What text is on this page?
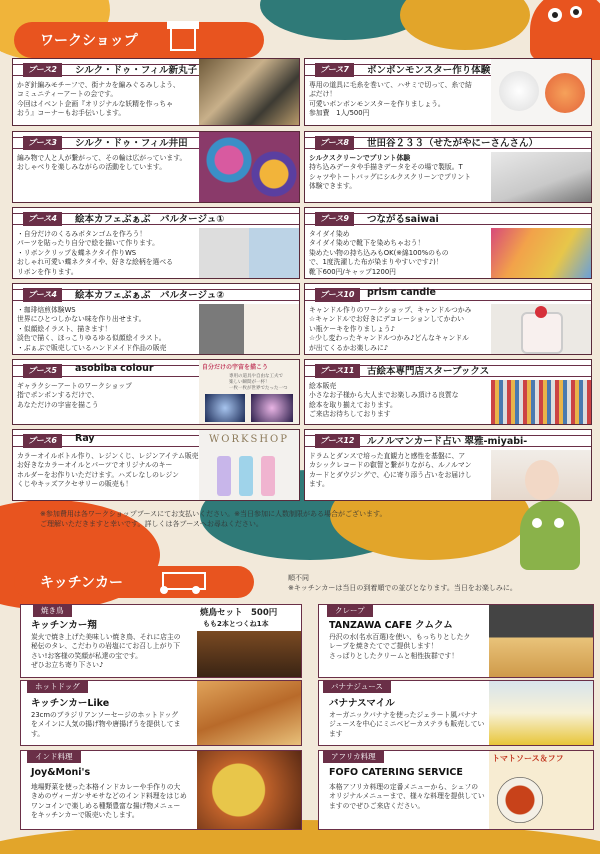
ワークショップ
ブース2	シルク・ドゥ・フィル新丸子
かぎ針編みモチーフで、街ナカを編みぐるみしよう、
コミュニティーアートの会です。
今回はイベント企画『オリジナルな妖精を作っちゃ
おう』コーナーもお手伝いします。
ブース3	シルク・ドゥ・フィル井田
編み物で人と人が繋がって、その輪は広がっています。
おしゃべりを楽しみながらの活動をしています。
ブース4	絵本カフェぶぁぶ　パルタージュ①
・自分だけのくるみボタンゴムを作ろう！
パーツを貼ったり自分で絵を描いて作ります。
・リボンクリップ＆蝶ネクタイ作りWS
おしゃれ可愛い蝶ネクタイや、好きな絵柄を選べる
リボンを作ります。
ブース4	絵本カフェぶぁぶ　パルタージュ②
・珈琲焙煎体験WS
世界にひとつしかない味を作り出せます。
・似顔絵イラスト、描きます！
淡色で描く、ほっこりゆるゆる似顔絵イラスト。
・ぶぁぶで販売しているハンドメイド作品の販売
ブース5	asobiba colour
ギャラクシーアートのワークショップ
指でポンポンするだけで、
あなただけの宇宙を描こう
自分だけの宇宙を描こう
専用の道具や自由な工夫で
楽しい瞬間が一杯！
一枚一枚が世界でたった一つ
ブース6	Ray
カラーオイルボトル作り、レジンくじ、レジンアイテム販売
お好きなカラーオイルとパーツでオリジナルのキー
ホルダーをお作りいただけます。ハズレなしのレジン
くじやキッズアクセサリーの販売も！
WORKSHOP
ブース7	ボンボンモンスター作り体験
専用の道具に毛糸を巻いて、ハサミで切って、糸で結
ぶだけ！
可愛いボンボンモンスターを作りましょう。
参加費　1人/500円
ブース8	世田谷２３３（せたがやにーさんさん）
シルクスクリーンでプリント体験
持ち込みデータや手描きデータをその場で製版。T
シャツやトートバッグにシルクスクリーンでプリント
体験できます。
ブース9	つながるsaiwai
タイダイ染め
タイダイ染めで靴下を染めちゃおう！
染めたい物の持ち込みもOK(※綿100%のもの
で、1度洗濯した布が染まりやすいです♪)！
靴下600円/キャップ1200円
ブース10	prism candle
キャンドル作りのワークショップ、キャンドルつかみ
☆キャンドルでお好きにデコレーションしてかわい
い瓶ケーキを作りましょう♪
☆少し変わったキャンドルつかみ♪どんなキャンドル
が出てくるかお楽しみに♪
ブース11	古絵本専門店スターブックス
絵本販売
小さなお子様から大人までお楽しみ頂ける良質な
絵本を取り揃えております。
ご来店お待ちしております
ブース12	ルノルマンカード占い 翠雅-miyabi-
ドラムとダンスで培った直観力と感性を基盤に、ア
カシックレコードの叡智と繋がりながら、ルノルマン
カードとダウジングで、心に寄り添う占いをお届けし
ます。
※参加費用は各ワークショップブースにてお支払いください。※当日参加に人数制限がある場合がございます。
ご理解いただきますと幸いです。詳しくは各ブースへお尋ねください。
キッチンカー	順不同
※キッチンカーは当日の到着順での並びとなります。当日をお楽しみに。
焼き鳥
キッチンカー翔
炭火で焼き上げた美味しい焼き鳥、それに店主の
秘伝のタレ、こだわりの岩塩にてお召し上がり下
さい!お客様の笑顔が私達の宝です。
ぜひお立ち寄り下さい♪
焼鳥セット　500円
もも2本とつくね1本
ホットドッグ
キッチンカーLike
23cmのブラジリアンソーセージのホットドッグ
をメインに人気の揚げ物や唐揚げうを提供してま
す。
インド料理
Joy&Moni's
地場野菜を使った本格インドカレーや手作りの大
きめのヴィーガンサモサなどのインド料理をはじめ
ワンコインで楽しめる種類豊富な揚げ物メニュー
をキッチンカーで販売いたします。
クレープ
TANZAWA CAFE クムクム
丹沢の水(名水百選)を使い、もっちりとしたク
レープを焼きたてでご提供します！
さっぱりとしたクリームと相性抜群です！
バナナジュース
バナナスマイル
オーガニックバナナを使ったジェラート風バナナ
ジュースを中心にミニベビーカステラも販売してい
ます
アフリカ料理
FOFO CATERING SERVICE
本格アフリカ料理の定番メニューから、シェフの
オリジナルメニューまで、様々な料理を提供してい
ますのでぜひご来店ください。
トマトソース＆フフ
